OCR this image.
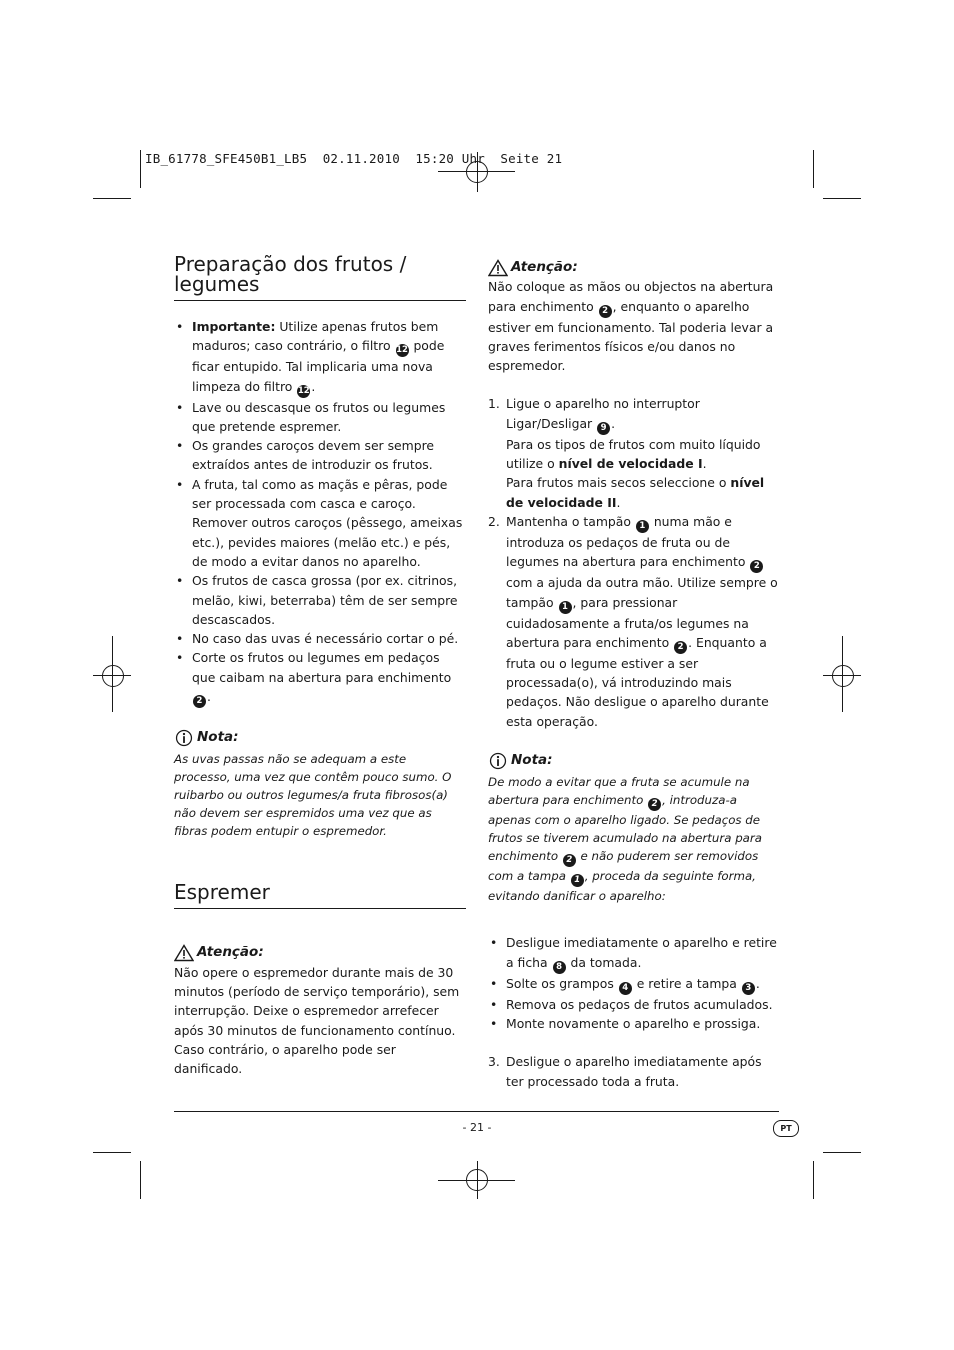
IB_61778_SFE450B1_LB5  02.11.2010  15:20 Uhr  Seite 21
Preparação dos frutos /
legumes
• Importante: Utilize apenas frutos bem maduros; caso contrário, o filtro 12 pode ficar entupido. Tal implicaria uma nova limpeza do filtro 12 .
• Lave ou descasque os frutos ou legumes que pretende espremer.
• Os grandes caroços devem ser sempre extraídos antes de introduzir os frutos.
• A fruta, tal como as maçãs e pêras, pode ser processada com casca e caroço. Remover outros caroços (pêssego, ameixas etc.), pevides maiores (melão etc.) e pés, de modo a evitar danos no aparelho.
• Os frutos de casca grossa (por ex. citrinos, melão, kiwi, beterraba) têm de ser sempre descascados.
• No caso das uvas é necessário cortar o pé.
• Corte os frutos ou legumes em pedaços que caibam na abertura para enchimento 2 .
Nota:
As uvas passas não se adequam a este processo, uma vez que contêm pouco sumo. O ruibarbo ou outros legumes/a fruta fibrosos(a) não devem ser espremidos uma vez que as fibras podem entupir o espremedor.
Espremer
Atenção:
Não opere o espremedor durante mais de 30 minutos (período de serviço temporário), sem interrupção. Deixe o espremedor arrefecer após 30 minutos de funcionamento contínuo. Caso contrário, o aparelho pode ser danificado.
Atenção:
Não coloque as mãos ou objectos na abertura para enchimento 2 , enquanto o aparelho estiver em funcionamento. Tal poderia levar a graves ferimentos físicos e/ou danos no espremedor.
1. Ligue o aparelho no interruptor Ligar/Desligar 9 .
Para os tipos de frutos com muito líquido utilize o nível de velocidade I.
Para frutos mais secos seleccione o nível de velocidade II.
2. Mantenha o tampão 1 numa mão e introduza os pedaços de fruta ou de legumes na abertura para enchimento 2 com a ajuda da outra mão. Utilize sempre o tampão 1 , para pressionar cuidadosamente a fruta/os legumes na abertura para enchimento 2 . Enquanto a fruta ou o legume estiver a ser processada(o), vá introduzindo mais pedaços. Não desligue o aparelho durante esta operação.
Nota:
De modo a evitar que a fruta se acumule na abertura para enchimento 2 , introduza-a apenas com o aparelho ligado. Se pedaços de frutos se tiverem acumulado na abertura para enchimento 2 e não puderem ser removidos com a tampa 1 , proceda da seguinte forma, evitando danificar o aparelho:
• Desligue imediatamente o aparelho e retire a ficha 8 da tomada.
• Solte os grampos 4 e retire a tampa 3 .
• Remova os pedaços de frutos acumulados.
• Monte novamente o aparelho e prossiga.
3. Desligue o aparelho imediatamente após ter processado toda a fruta.
- 21 -	PT
